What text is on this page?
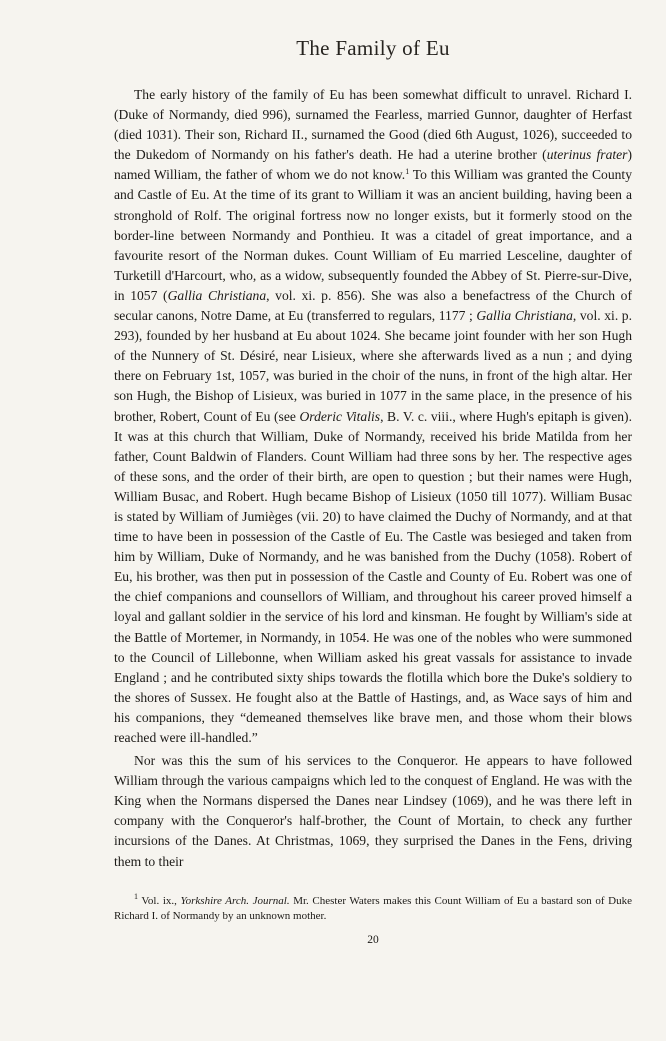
The Family of Eu

The early history of the family of Eu has been somewhat difficult to unravel. Richard I. (Duke of Normandy, died 996), surnamed the Fearless, married Gunnor, daughter of Herfast (died 1031). Their son, Richard II., surnamed the Good (died 6th August, 1026), succeeded to the Dukedom of Normandy on his father's death. He had a uterine brother (uterinus frater) named William, the father of whom we do not know.$^1$ To this William was granted the County and Castle of Eu. At the time of its grant to William it was an ancient building, having been a stronghold of Rolf. The original fortress now no longer exists, but it formerly stood on the border-line between Normandy and Ponthieu. It was a citadel of great importance, and a favourite resort of the Norman dukes. Count William of Eu married Lesceline, daughter of Turketill d'Harcourt, who, as a widow, subsequently founded the Abbey of St. Pierre-sur-Dive, in 1057 (Gallia Christiana, vol. xi. p. 856). She was also a benefactress of the Church of secular canons, Notre Dame, at Eu (transferred to regulars, 1177 ; Gallia Christiana, vol. xi. p. 293), founded by her husband at Eu about 1024. She became joint founder with her son Hugh of the Nunnery of St. Désiré, near Lisieux, where she afterwards lived as a nun ; and dying there on February 1st, 1057, was buried in the choir of the nuns, in front of the high altar. Her son Hugh, the Bishop of Lisieux, was buried in 1077 in the same place, in the presence of his brother, Robert, Count of Eu (see Orderic Vitalis, B. V. c. viii., where Hugh's epitaph is given). It was at this church that William, Duke of Normandy, received his bride Matilda from her father, Count Baldwin of Flanders. Count William had three sons by her. The respective ages of these sons, and the order of their birth, are open to question ; but their names were Hugh, William Busac, and Robert. Hugh became Bishop of Lisieux (1050 till 1077). William Busac is stated by William of Jumièges (vii. 20) to have claimed the Duchy of Normandy, and at that time to have been in possession of the Castle of Eu. The Castle was besieged and taken from him by William, Duke of Normandy, and he was banished from the Duchy (1058). Robert of Eu, his brother, was then put in possession of the Castle and County of Eu. Robert was one of the chief companions and counsellors of William, and throughout his career proved himself a loyal and gallant soldier in the service of his lord and kinsman. He fought by William's side at the Battle of Mortemer, in Normandy, in 1054. He was one of the nobles who were summoned to the Council of Lillebonne, when William asked his great vassals for assistance to invade England ; and he contributed sixty ships towards the flotilla which bore the Duke's soldiery to the shores of Sussex. He fought also at the Battle of Hastings, and, as Wace says of him and his companions, they “demeaned themselves like brave men, and those whom their blows reached were ill-handled.”

Nor was this the sum of his services to the Conqueror. He appears to have followed William through the various campaigns which led to the conquest of England. He was with the King when the Normans dispersed the Danes near Lindsey (1069), and he was there left in company with the Conqueror's half-brother, the Count of Mortain, to check any further incursions of the Danes. At Christmas, 1069, they surprised the Danes in the Fens, driving them to their

$^1$ Vol. ix., Yorkshire Arch. Journal. Mr. Chester Waters makes this Count William of Eu a bastard son of Duke Richard I. of Normandy by an unknown mother.

20
